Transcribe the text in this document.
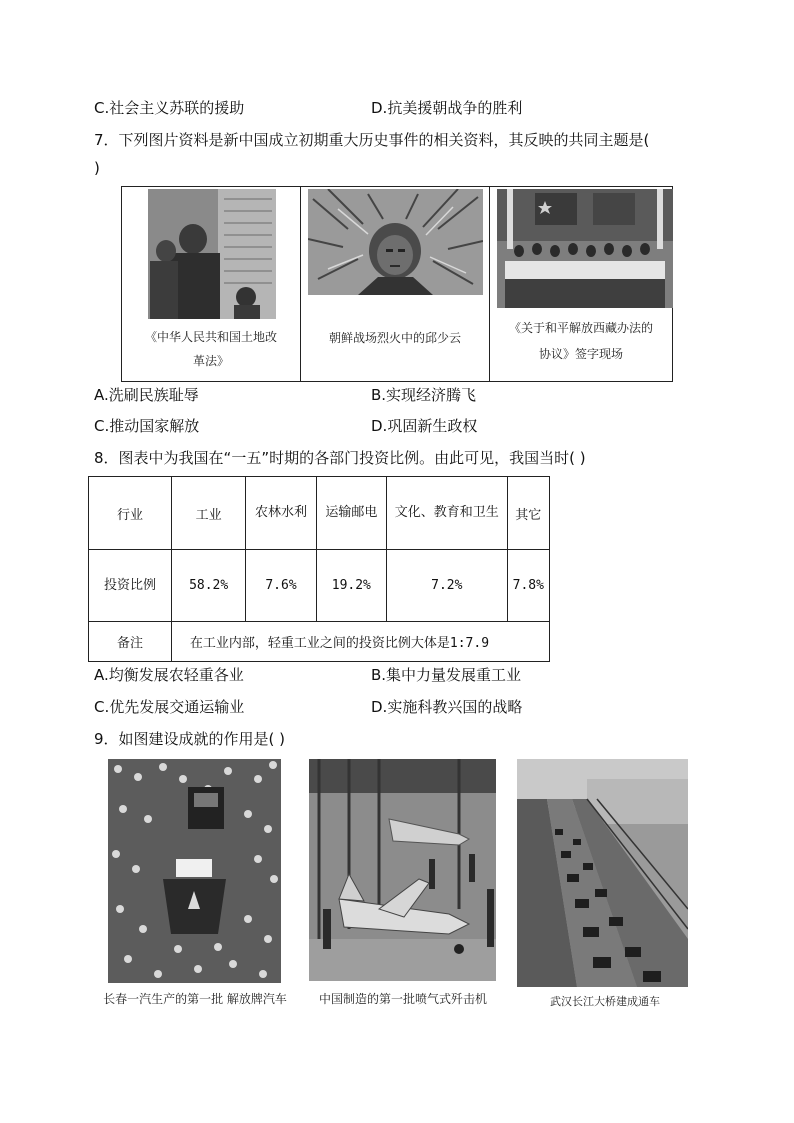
C.社会主义苏联的援助	D.抗美援朝战争的胜利
7．下列图片资料是新中国成立初期重大历史事件的相关资料，其反映的共同主题是(
)
《中华人民共和国土地改
革法》

朝鲜战场烈火中的邱少云

《关于和平解放西藏办法的
协议》签字现场
A.洗刷民族耻辱	B.实现经济腾飞
C.推动国家解放	D.巩固新生政权
8．图表中为我国在“一五”时期的各部门投资比例。由此可见，我国当时( )
行业	工业	农林水利	运输邮电	文化、教育和卫生	其它
投资比例	58.2%	7.6%	19.2%	7.2%	7.8%
备注	在工业内部，轻重工业之间的投资比例大体是1:7.9				
A.均衡发展农轻重各业	B.集中力量发展重工业
C.优先发展交通运输业	D.实施科教兴国的战略
9．如图建设成就的作用是( )
长春一汽生产的第一批 解放牌汽车	中国制造的第一批喷气式歼击机	武汉长江大桥建成通车
